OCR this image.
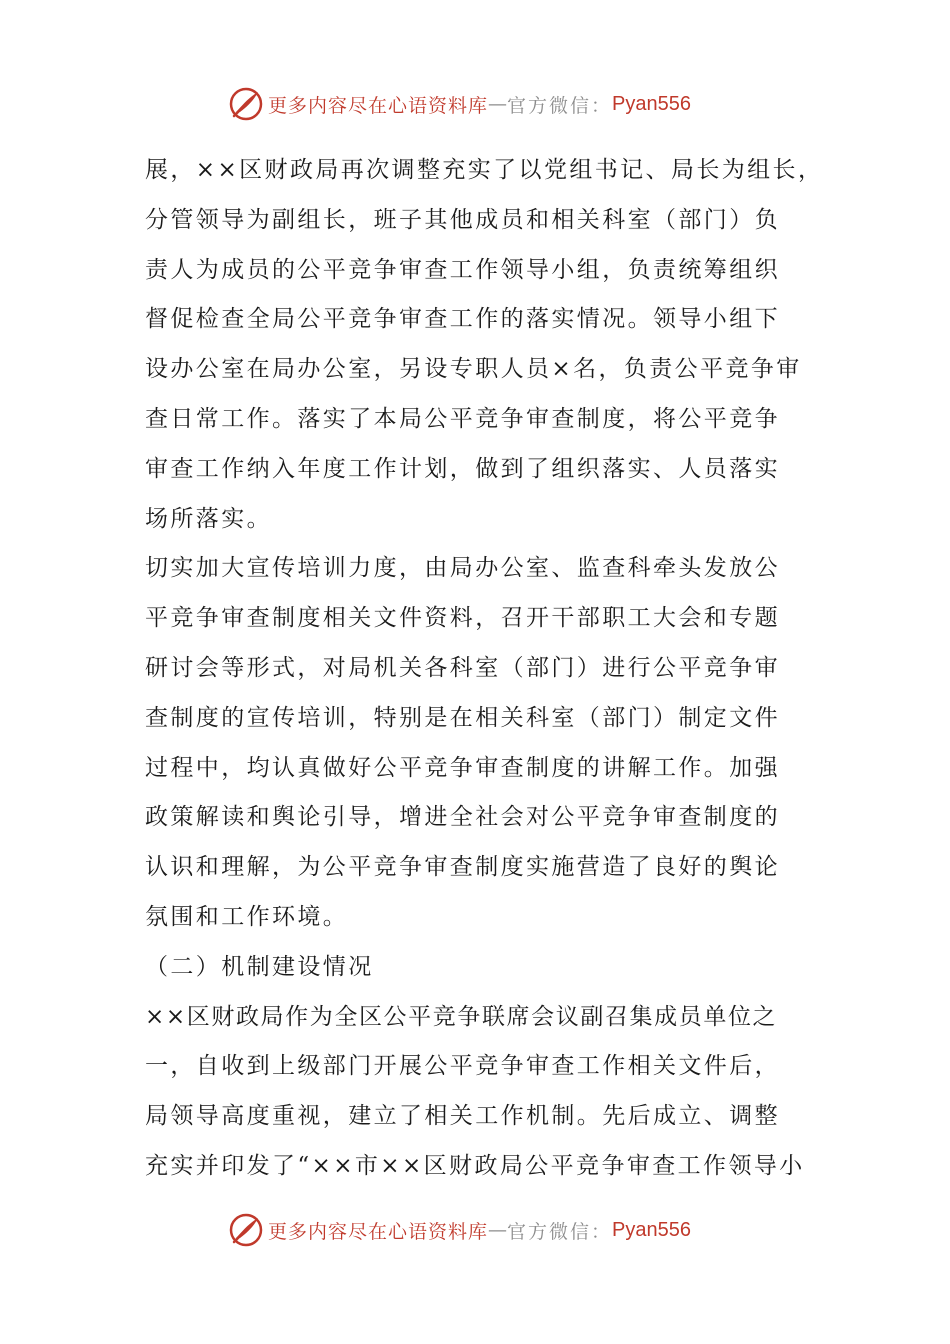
更多内容尽在心语资料库 — 官方微信： Pyan556
展，××区财政局再次调整充实了以党组书记、局长为组长，
分管领导为副组长，班子其他成员和相关科室（部门）负
责人为成员的公平竞争审查工作领导小组，负责统筹组织
督促检查全局公平竞争审查工作的落实情况。领导小组下
设办公室在局办公室，另设专职人员×名，负责公平竞争审
查日常工作。落实了本局公平竞争审查制度，将公平竞争
审查工作纳入年度工作计划，做到了组织落实、人员落实
场所落实。
切实加大宣传培训力度，由局办公室、监查科牵头发放公
平竞争审查制度相关文件资料，召开干部职工大会和专题
研讨会等形式，对局机关各科室（部门）进行公平竞争审
查制度的宣传培训，特别是在相关科室（部门）制定文件
过程中，均认真做好公平竞争审查制度的讲解工作。加强
政策解读和舆论引导，增进全社会对公平竞争审查制度的
认识和理解，为公平竞争审查制度实施营造了良好的舆论
氛围和工作环境。
（二）机制建设情况
××区财政局作为全区公平竞争联席会议副召集成员单位之
一，自收到上级部门开展公平竞争审查工作相关文件后，
局领导高度重视，建立了相关工作机制。先后成立、调整
充实并印发了“××市××区财政局公平竞争审查工作领导小
更多内容尽在心语资料库 — 官方微信： Pyan556
